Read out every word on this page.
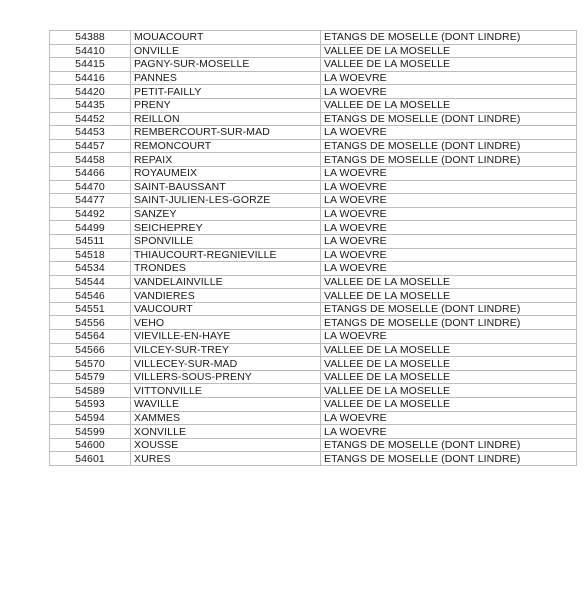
54388	MOUACOURT	ETANGS DE MOSELLE (DONT LINDRE)
54410	ONVILLE	VALLEE DE LA MOSELLE
54415	PAGNY-SUR-MOSELLE	VALLEE DE LA MOSELLE
54416	PANNES	LA WOEVRE
54420	PETIT-FAILLY	LA WOEVRE
54435	PRENY	VALLEE DE LA MOSELLE
54452	REILLON	ETANGS DE MOSELLE (DONT LINDRE)
54453	REMBERCOURT-SUR-MAD	LA WOEVRE
54457	REMONCOURT	ETANGS DE MOSELLE (DONT LINDRE)
54458	REPAIX	ETANGS DE MOSELLE (DONT LINDRE)
54466	ROYAUMEIX	LA WOEVRE
54470	SAINT-BAUSSANT	LA WOEVRE
54477	SAINT-JULIEN-LES-GORZE	LA WOEVRE
54492	SANZEY	LA WOEVRE
54499	SEICHEPREY	LA WOEVRE
54511	SPONVILLE	LA WOEVRE
54518	THIAUCOURT-REGNIEVILLE	LA WOEVRE
54534	TRONDES	LA WOEVRE
54544	VANDELAINVILLE	VALLEE DE LA MOSELLE
54546	VANDIERES	VALLEE DE LA MOSELLE
54551	VAUCOURT	ETANGS DE MOSELLE (DONT LINDRE)
54556	VEHO	ETANGS DE MOSELLE (DONT LINDRE)
54564	VIEVILLE-EN-HAYE	LA WOEVRE
54566	VILCEY-SUR-TREY	VALLEE DE LA MOSELLE
54570	VILLECEY-SUR-MAD	VALLEE DE LA MOSELLE
54579	VILLERS-SOUS-PRENY	VALLEE DE LA MOSELLE
54589	VITTONVILLE	VALLEE DE LA MOSELLE
54593	WAVILLE	VALLEE DE LA MOSELLE
54594	XAMMES	LA WOEVRE
54599	XONVILLE	LA WOEVRE
54600	XOUSSE	ETANGS DE MOSELLE (DONT LINDRE)
54601	XURES	ETANGS DE MOSELLE (DONT LINDRE)
